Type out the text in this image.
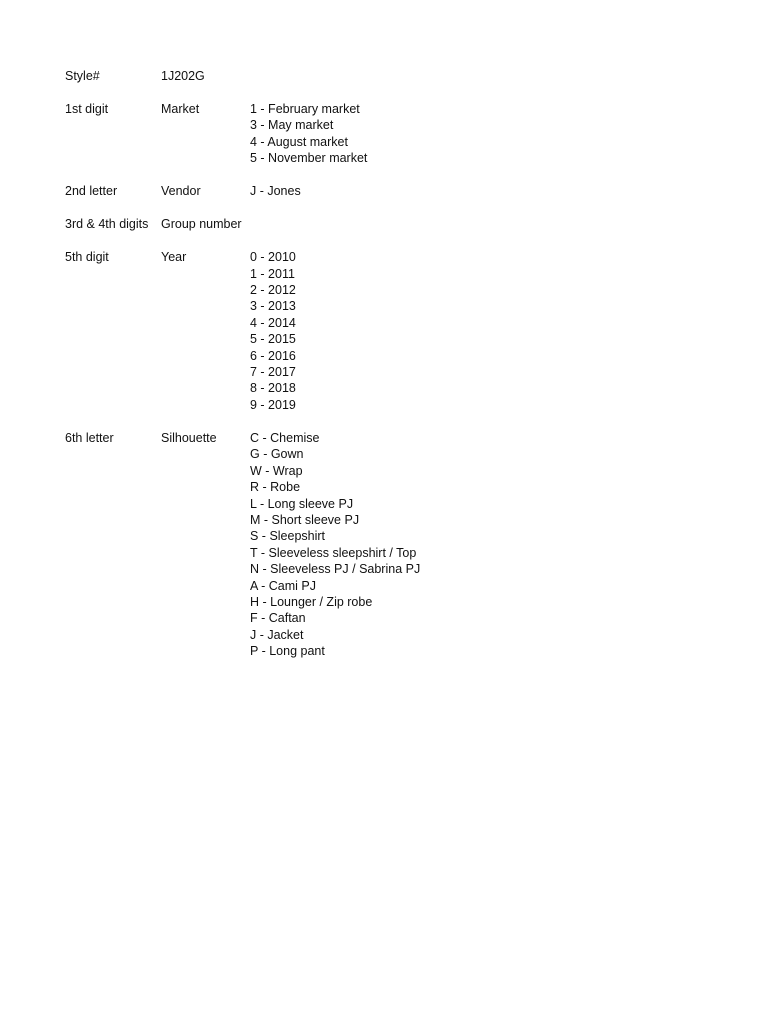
Style#	1J202G
1st digit	Market	1 - February market
3 - May market
4 - August market
5 - November market
2nd letter	Vendor	J - Jones
3rd & 4th digits	Group number
5th digit	Year	0 - 2010
1 - 2011
2 - 2012
3 - 2013
4 - 2014
5 - 2015
6 - 2016
7 - 2017
8 - 2018
9 - 2019
6th letter	Silhouette	C - Chemise
G - Gown
W - Wrap
R - Robe
L - Long sleeve PJ
M - Short sleeve PJ
S - Sleepshirt
T - Sleeveless sleepshirt / Top
N - Sleeveless PJ / Sabrina PJ
A - Cami PJ
H - Lounger / Zip robe
F - Caftan
J - Jacket
P - Long pant
